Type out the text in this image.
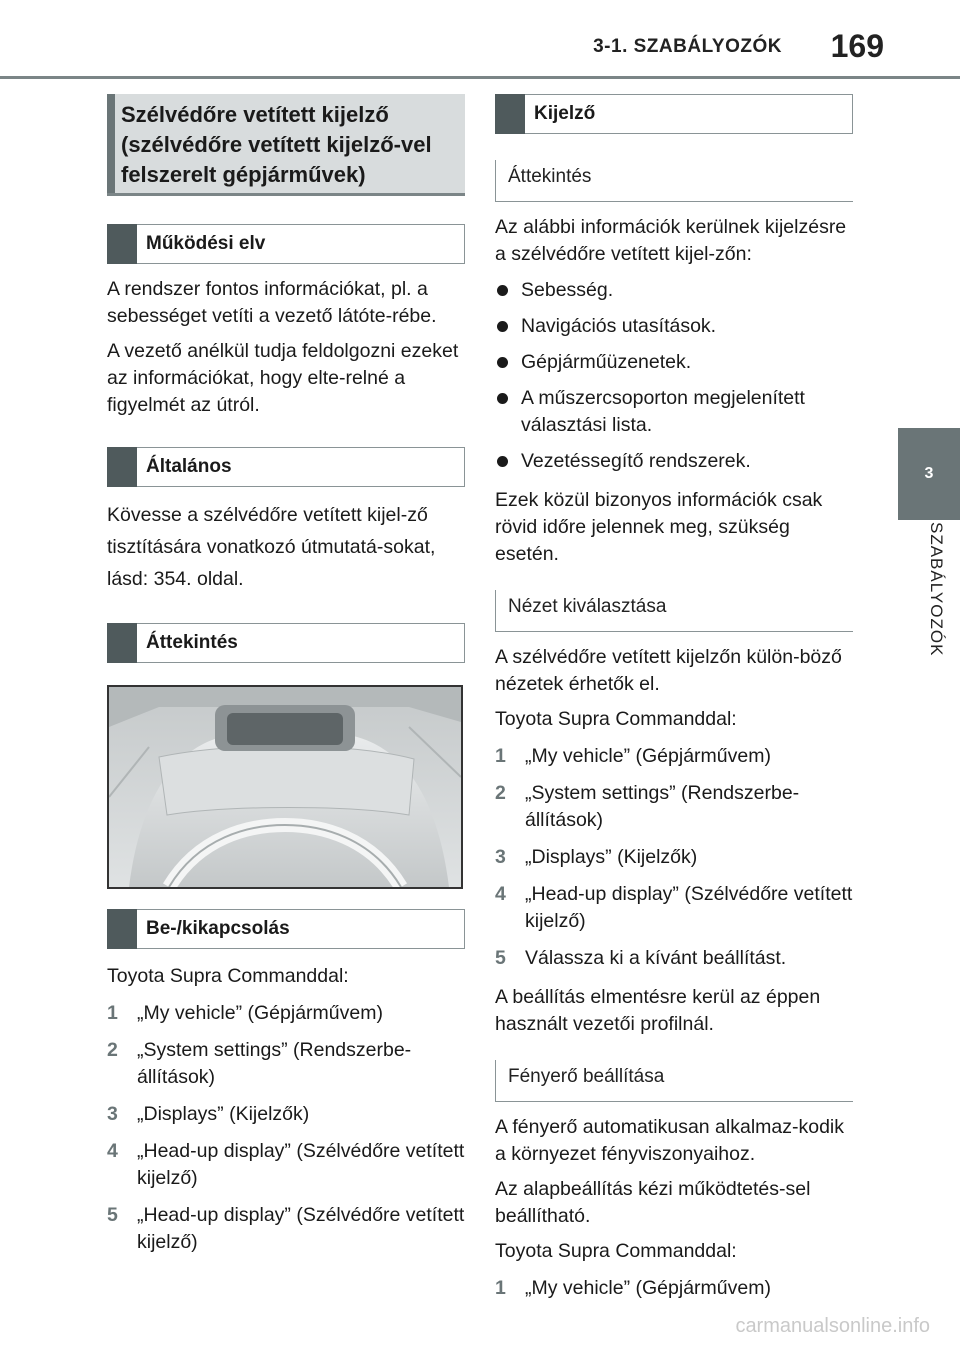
3-1. SZABÁLYOZÓK 169
3
SZABÁLYOZÓK
Szélvédőre vetített kijelző (szélvédőre vetített kijelző-vel felszerelt gépjárművek)
Működési elv

A rendszer fontos információkat, pl. a sebességet vetíti a vezető látóte-rébe.

A vezető anélkül tudja feldolgozni ezeket az információkat, hogy elte-relné a figyelmét az útról.

Általános

Kövesse a szélvédőre vetített kijel-ző tisztítására vonatkozó útmutatá-sokat, lásd: 354. oldal.

Áttekintés
Be-/kikapcsolás

Toyota Supra Commanddal:

1 „My vehicle” (Gépjárművem)
2 „System settings” (Rendszerbe-állítások)
3 „Displays” (Kijelzők)
4 „Head-up display” (Szélvédőre vetített kijelző)
5 „Head-up display” (Szélvédőre vetített kijelző)
Kijelző
Áttekintés

Az alábbi információk kerülnek kijelzésre a szélvédőre vetített kijel-zőn:

Sebesség.
Navigációs utasítások.
Gépjárműüzenetek.
A műszercsoporton megjelenített választási lista.
Vezetéssegítő rendszerek.

Ezek közül bizonyos információk csak rövid időre jelennek meg, szükség esetén.

Nézet kiválasztása

A szélvédőre vetített kijelzőn külön-böző nézetek érhetők el.

Toyota Supra Commanddal:

1 „My vehicle” (Gépjárművem)
2 „System settings” (Rendszerbe-állítások)
3 „Displays” (Kijelzők)
4 „Head-up display” (Szélvédőre vetített kijelző)
5 Válassza ki a kívánt beállítást.

A beállítás elmentésre kerül az éppen használt vezetői profilnál.

Fényerő beállítása

A fényerő automatikusan alkalmaz-kodik a környezet fényviszonyaihoz.

Az alapbeállítás kézi működtetés-sel beállítható.

Toyota Supra Commanddal:

1 „My vehicle” (Gépjárművem)
carmanualsonline.info
